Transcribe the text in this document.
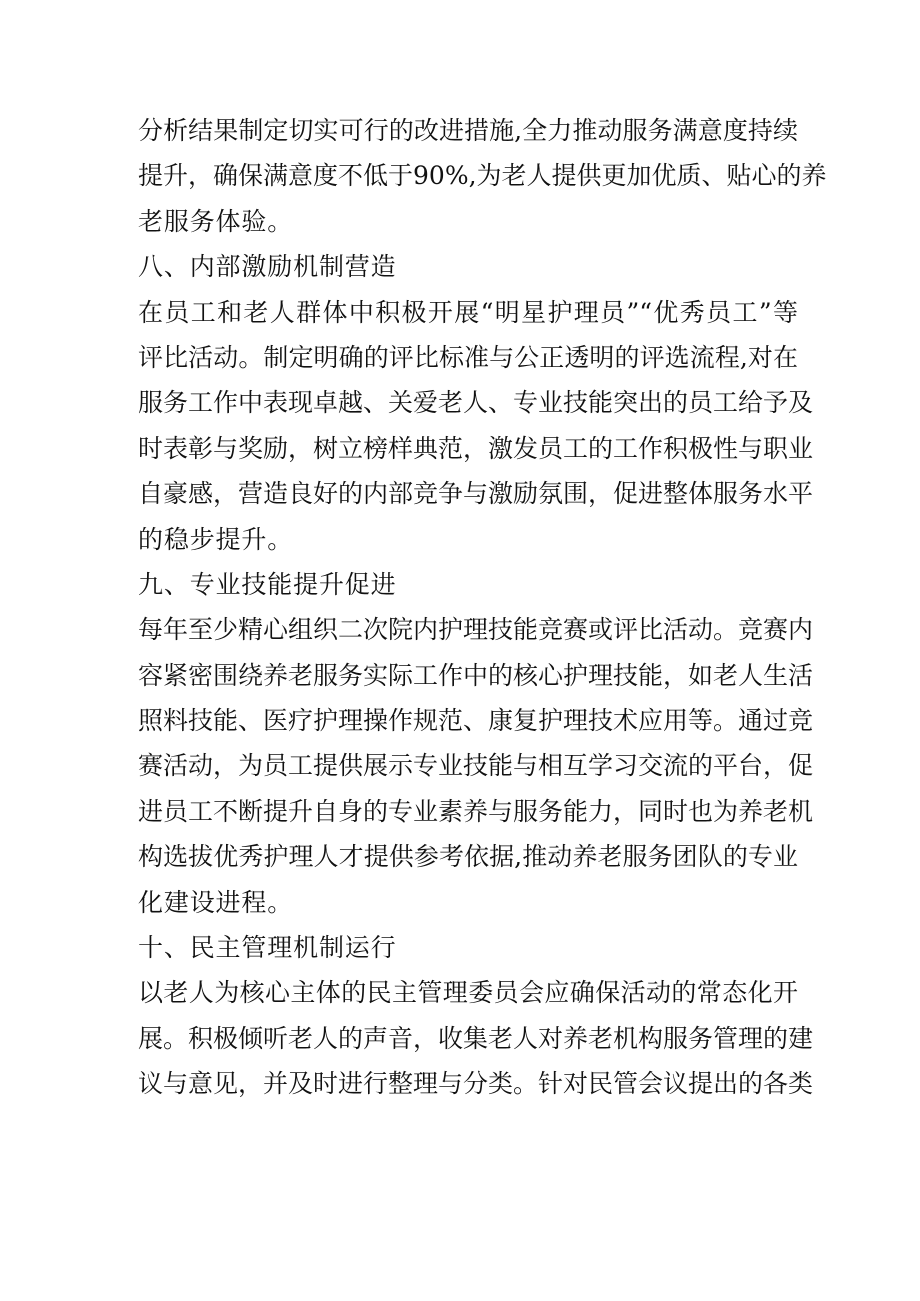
分析结果制定切实可行的改进措施,全力推动服务满意度持续
提升，确保满意度不低于90%,为老人提供更加优质、贴心的养
老服务体验。
八、内部激励机制营造
在员工和老人群体中积极开展“明星护理员”“优秀员工”等
评比活动。制定明确的评比标准与公正透明的评选流程,对在
服务工作中表现卓越、关爱老人、专业技能突出的员工给予及
时表彰与奖励，树立榜样典范，激发员工的工作积极性与职业
自豪感，营造良好的内部竞争与激励氛围，促进整体服务水平
的稳步提升。
九、专业技能提升促进
每年至少精心组织二次院内护理技能竞赛或评比活动。竞赛内
容紧密围绕养老服务实际工作中的核心护理技能，如老人生活
照料技能、医疗护理操作规范、康复护理技术应用等。通过竞
赛活动，为员工提供展示专业技能与相互学习交流的平台，促
进员工不断提升自身的专业素养与服务能力，同时也为养老机
构选拔优秀护理人才提供参考依据,推动养老服务团队的专业
化建设进程。
十、民主管理机制运行
以老人为核心主体的民主管理委员会应确保活动的常态化开
展。积极倾听老人的声音，收集老人对养老机构服务管理的建
议与意见，并及时进行整理与分类。针对民管会议提出的各类
